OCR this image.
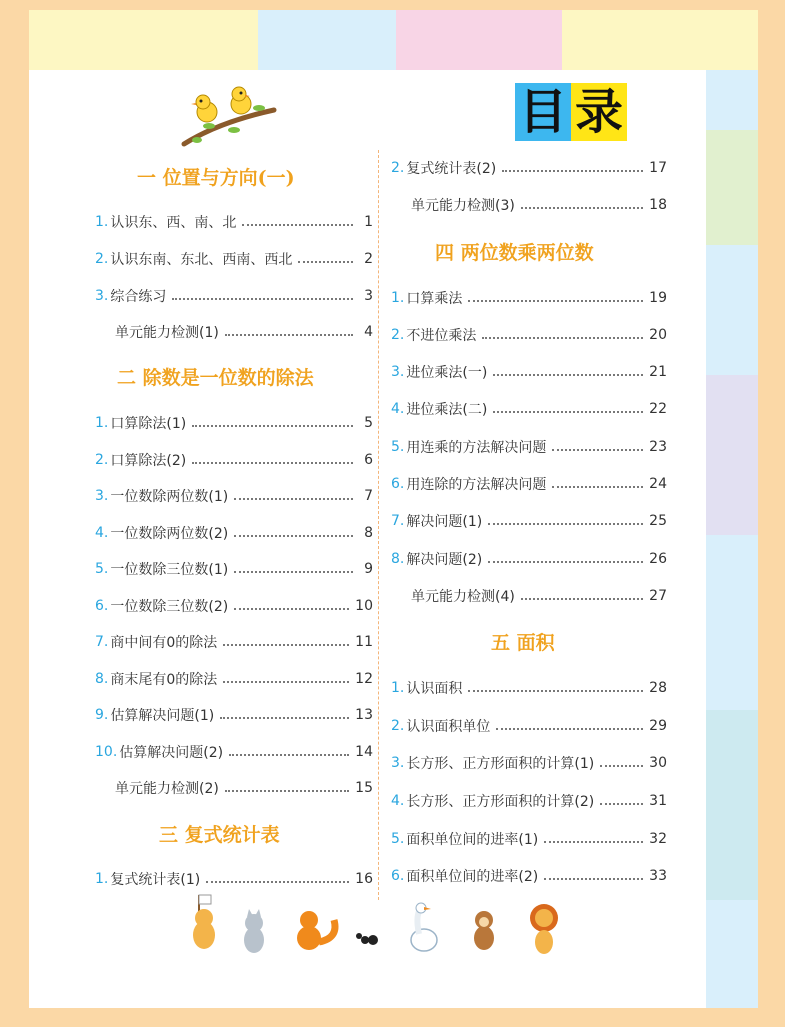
目 录
一 位置与方向(一)
1. 认识东、西、南、北	1
2. 认识东南、东北、西南、西北	2
3. 综合练习	3
单元能力检测(1)	4
二 除数是一位数的除法
1. 口算除法(1)	5
2. 口算除法(2)	6
3. 一位数除两位数(1)	7
4. 一位数除两位数(2)	8
5. 一位数除三位数(1)	9
6. 一位数除三位数(2)	10
7. 商中间有0的除法	11
8. 商末尾有0的除法	12
9. 估算解决问题(1)	13
10. 估算解决问题(2)	14
单元能力检测(2)	15
三 复式统计表
1. 复式统计表(1)	16
2. 复式统计表(2)	17
单元能力检测(3)	18
四 两位数乘两位数
1. 口算乘法	19
2. 不进位乘法	20
3. 进位乘法(一)	21
4. 进位乘法(二)	22
5. 用连乘的方法解决问题	23
6. 用连除的方法解决问题	24
7. 解决问题(1)	25
8. 解决问题(2)	26
单元能力检测(4)	27
五 面积
1. 认识面积	28
2. 认识面积单位	29
3. 长方形、正方形面积的计算(1)	30
4. 长方形、正方形面积的计算(2)	31
5. 面积单位间的进率(1)	32
6. 面积单位间的进率(2)	33
